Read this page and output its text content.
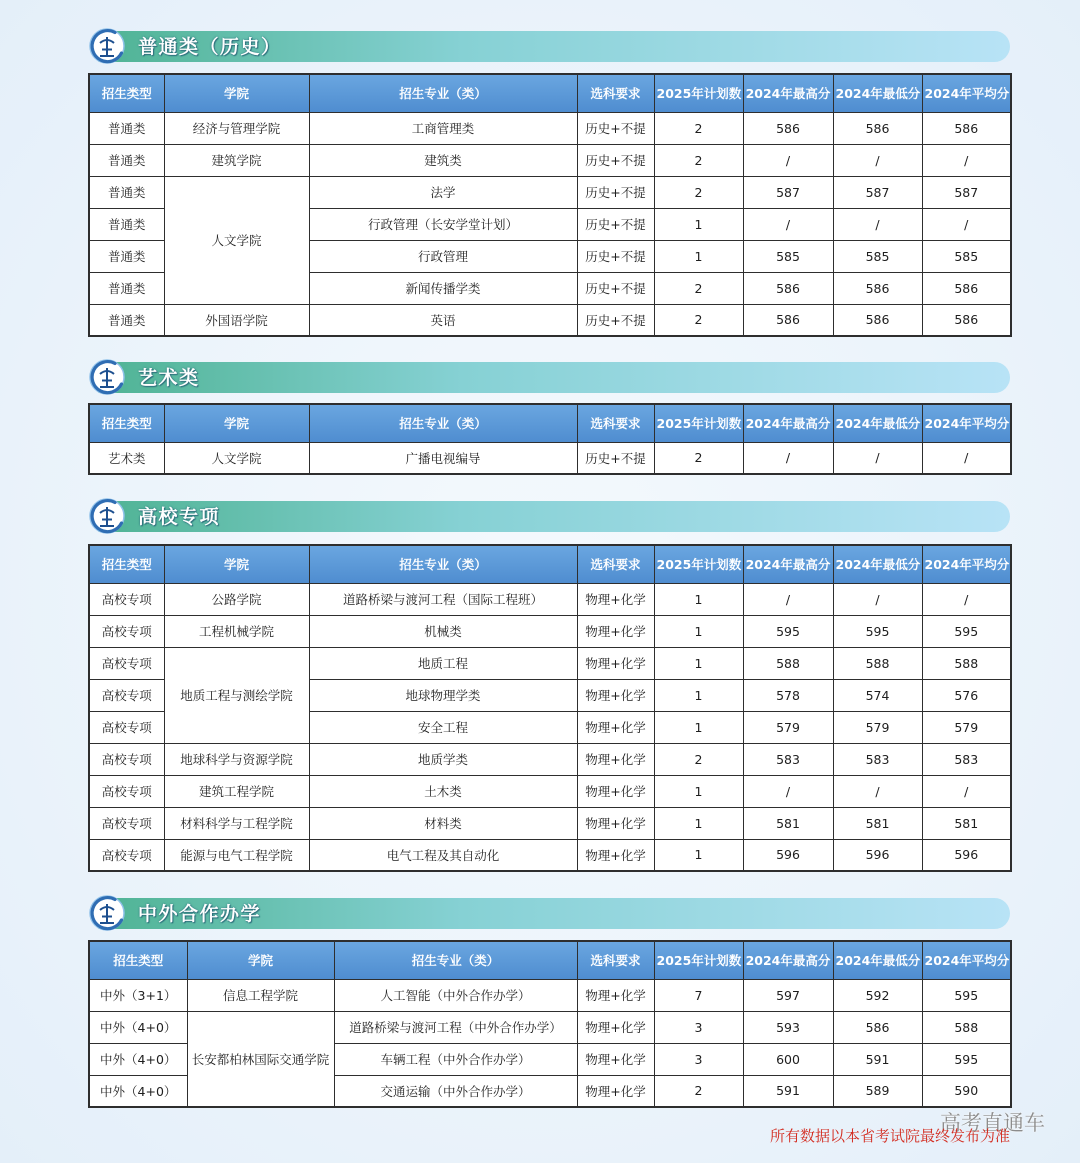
普通类（历史）
招生类型	学院	招生专业（类）	选科要求	2025年计划数	2024年最高分	2024年最低分	2024年平均分
普通类	经济与管理学院	工商管理类	历史+不提	2	586	586	586
普通类	建筑学院	建筑类	历史+不提	2	/	/	/
普通类	人文学院	法学	历史+不提	2	587	587	587
普通类		行政管理（长安学堂计划）	历史+不提	1	/	/	/
普通类		行政管理	历史+不提	1	585	585	585
普通类		新闻传播学类	历史+不提	2	586	586	586
普通类	外国语学院	英语	历史+不提	2	586	586	586
艺术类
招生类型	学院	招生专业（类）	选科要求	2025年计划数	2024年最高分	2024年最低分	2024年平均分
艺术类	人文学院	广播电视编导	历史+不提	2	/	/	/
高校专项
招生类型	学院	招生专业（类）	选科要求	2025年计划数	2024年最高分	2024年最低分	2024年平均分
高校专项	公路学院	道路桥梁与渡河工程（国际工程班）	物理+化学	1	/	/	/
高校专项	工程机械学院	机械类	物理+化学	1	595	595	595
高校专项	地质工程与测绘学院	地质工程	物理+化学	1	588	588	588
高校专项		地球物理学类	物理+化学	1	578	574	576
高校专项		安全工程	物理+化学	1	579	579	579
高校专项	地球科学与资源学院	地质学类	物理+化学	2	583	583	583
高校专项	建筑工程学院	土木类	物理+化学	1	/	/	/
高校专项	材料科学与工程学院	材料类	物理+化学	1	581	581	581
高校专项	能源与电气工程学院	电气工程及其自动化	物理+化学	1	596	596	596
中外合作办学
招生类型	学院	招生专业（类）	选科要求	2025年计划数	2024年最高分	2024年最低分	2024年平均分
中外（3+1）	信息工程学院	人工智能（中外合作办学）	物理+化学	7	597	592	595
中外（4+0）	长安都柏林国际交通学院	道路桥梁与渡河工程（中外合作办学）	物理+化学	3	593	586	588
中外（4+0）		车辆工程（中外合作办学）	物理+化学	3	600	591	595
中外（4+0）		交通运输（中外合作办学）	物理+化学	2	591	589	590
高考直通车
所有数据以本省考试院最终发布为准
